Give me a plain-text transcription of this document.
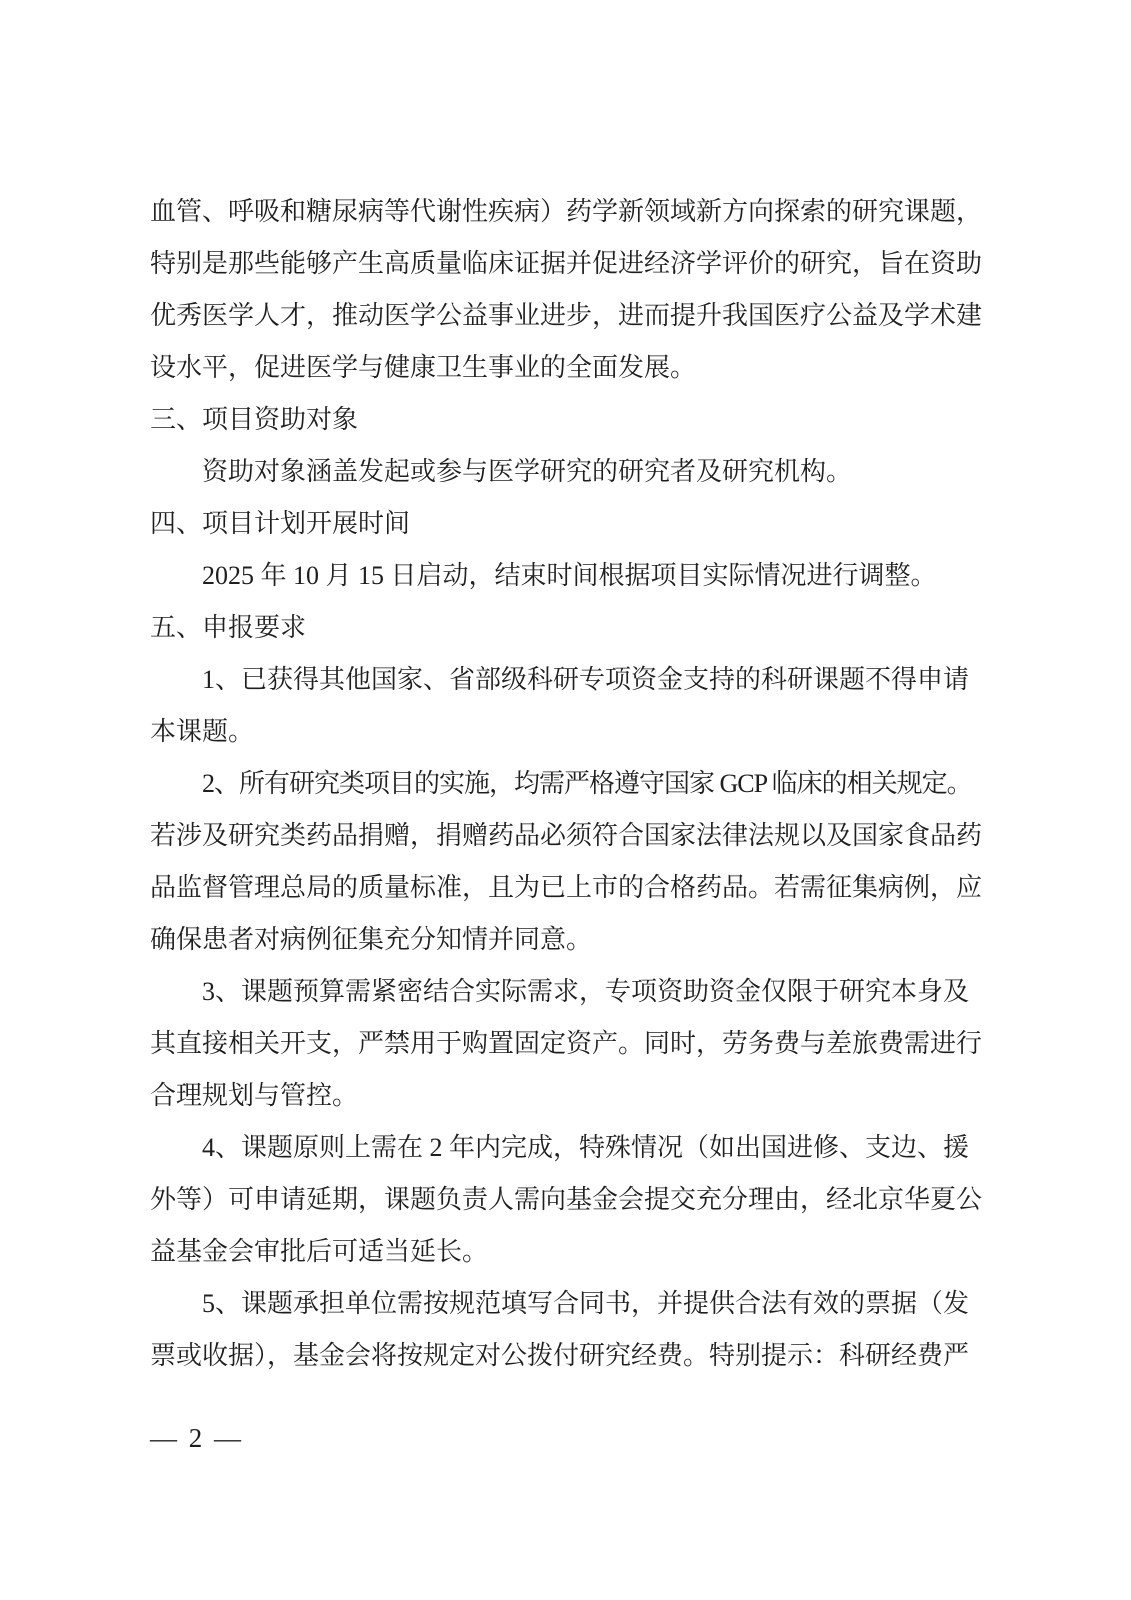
血管、呼吸和糖尿病等代谢性疾病）药学新领域新方向探索的研究课题，
特别是那些能够产生高质量临床证据并促进经济学评价的研究，旨在资助
优秀医学人才，推动医学公益事业进步，进而提升我国医疗公益及学术建
设水平，促进医学与健康卫生事业的全面发展。
三、项目资助对象
资助对象涵盖发起或参与医学研究的研究者及研究机构。
四、项目计划开展时间
2025 年 10 月 15 日启动，结束时间根据项目实际情况进行调整。
五、申报要求
1、已获得其他国家、省部级科研专项资金支持的科研课题不得申请
本课题。
2、所有研究类项目的实施，均需严格遵守国家 GCP 临床的相关规定。
若涉及研究类药品捐赠，捐赠药品必须符合国家法律法规以及国家食品药
品监督管理总局的质量标准，且为已上市的合格药品。若需征集病例，应
确保患者对病例征集充分知情并同意。
3、课题预算需紧密结合实际需求，专项资助资金仅限于研究本身及
其直接相关开支，严禁用于购置固定资产。同时，劳务费与差旅费需进行
合理规划与管控。
4、课题原则上需在 2 年内完成，特殊情况（如出国进修、支边、援
外等）可申请延期，课题负责人需向基金会提交充分理由，经北京华夏公
益基金会审批后可适当延长。
5、课题承担单位需按规范填写合同书，并提供合法有效的票据（发
票或收据），基金会将按规定对公拨付研究经费。特别提示：科研经费严
— 2 —
